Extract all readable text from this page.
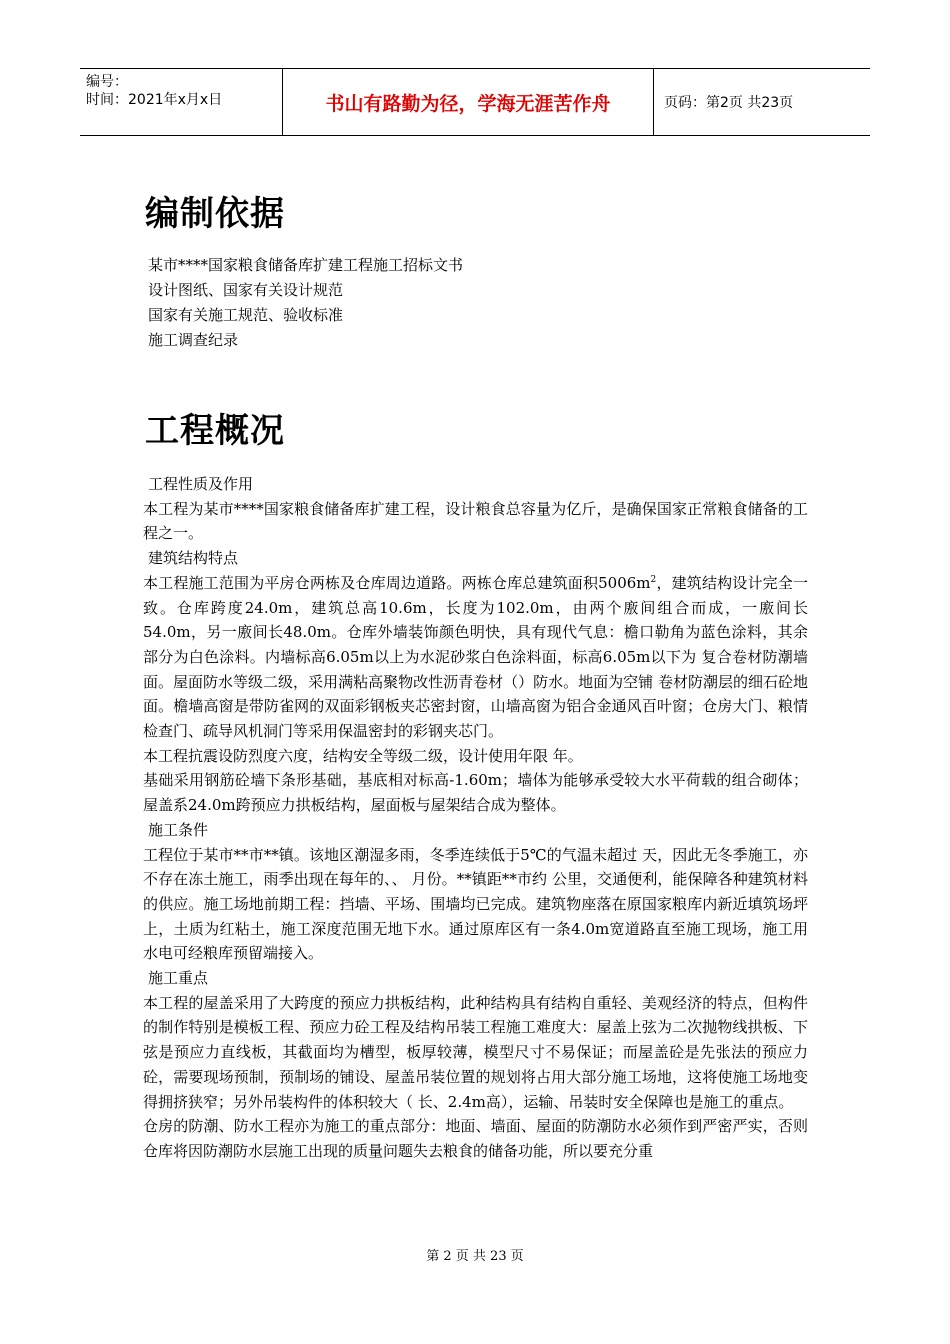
编号：
时间：2021年x月x日	书山有路勤为径，学海无涯苦作舟	页码：第2页 共23页
编制依据
某市****国家粮食储备库扩建工程施工招标文书
设计图纸、国家有关设计规范
国家有关施工规范、验收标准
施工调查纪录
工程概况
工程性质及作用

本工程为某市****国家粮食储备库扩建工程，设计粮食总容量为亿斤，是确保国家正常粮食储备的工程之一。

建筑结构特点

本工程施工范围为平房仓两栋及仓库周边道路。两栋仓库总建筑面积$5006m^2$，建筑结构设计完全一致。仓库跨度24.0m，建筑总高10.6m，长度为102.0m，由两个廒间组合而成，一廒间长54.0m，另一廒间长48.0m。仓库外墙装饰颜色明快，具有现代气息：檐口勒角为蓝色涂料，其余部分为白色涂料。内墙标高6.05m以上为水泥砂浆白色涂料面，标高6.05m以下为 复合卷材防潮墙面。屋面防水等级二级，采用满粘高聚物改性沥青卷材（）防水。地面为空铺 卷材防潮层的细石砼地面。檐墙高窗是带防雀网的双面彩钢板夹芯密封窗，山墙高窗为铝合金通风百叶窗；仓房大门、粮情检查门、疏导风机洞门等采用保温密封的彩钢夹芯门。

本工程抗震设防烈度六度，结构安全等级二级，设计使用年限 年。

基础采用钢筋砼墙下条形基础，基底相对标高-1.60m；墙体为能够承受较大水平荷载的组合砌体；屋盖系24.0m跨预应力拱板结构，屋面板与屋架结合成为整体。

施工条件

工程位于某市**市**镇。该地区潮湿多雨，冬季连续低于5℃的气温未超过 天，因此无冬季施工，亦不存在冻土施工，雨季出现在每年的、、 月份。**镇距**市约 公里，交通便利，能保障各种建筑材料的供应。施工场地前期工程：挡墙、平场、围墙均已完成。建筑物座落在原国家粮库内新近填筑场坪上，土质为红粘土，施工深度范围无地下水。通过原库区有一条4.0m宽道路直至施工现场，施工用水电可经粮库预留端接入。

施工重点

本工程的屋盖采用了大跨度的预应力拱板结构，此种结构具有结构自重轻、美观经济的特点，但构件的制作特别是模板工程、预应力砼工程及结构吊装工程施工难度大：屋盖上弦为二次抛物线拱板、下弦是预应力直线板，其截面均为槽型，板厚较薄，模型尺寸不易保证；而屋盖砼是先张法的预应力砼，需要现场预制，预制场的铺设、屋盖吊装位置的规划将占用大部分施工场地，这将使施工场地变得拥挤狭窄；另外吊装构件的体积较大（ 长、2.4m高），运输、吊装时安全保障也是施工的重点。

仓房的防潮、防水工程亦为施工的重点部分：地面、墙面、屋面的防潮防水必须作到严密严实，否则仓库将因防潮防水层施工出现的质量问题失去粮食的储备功能，所以要充分重

第 2 页 共 23 页
